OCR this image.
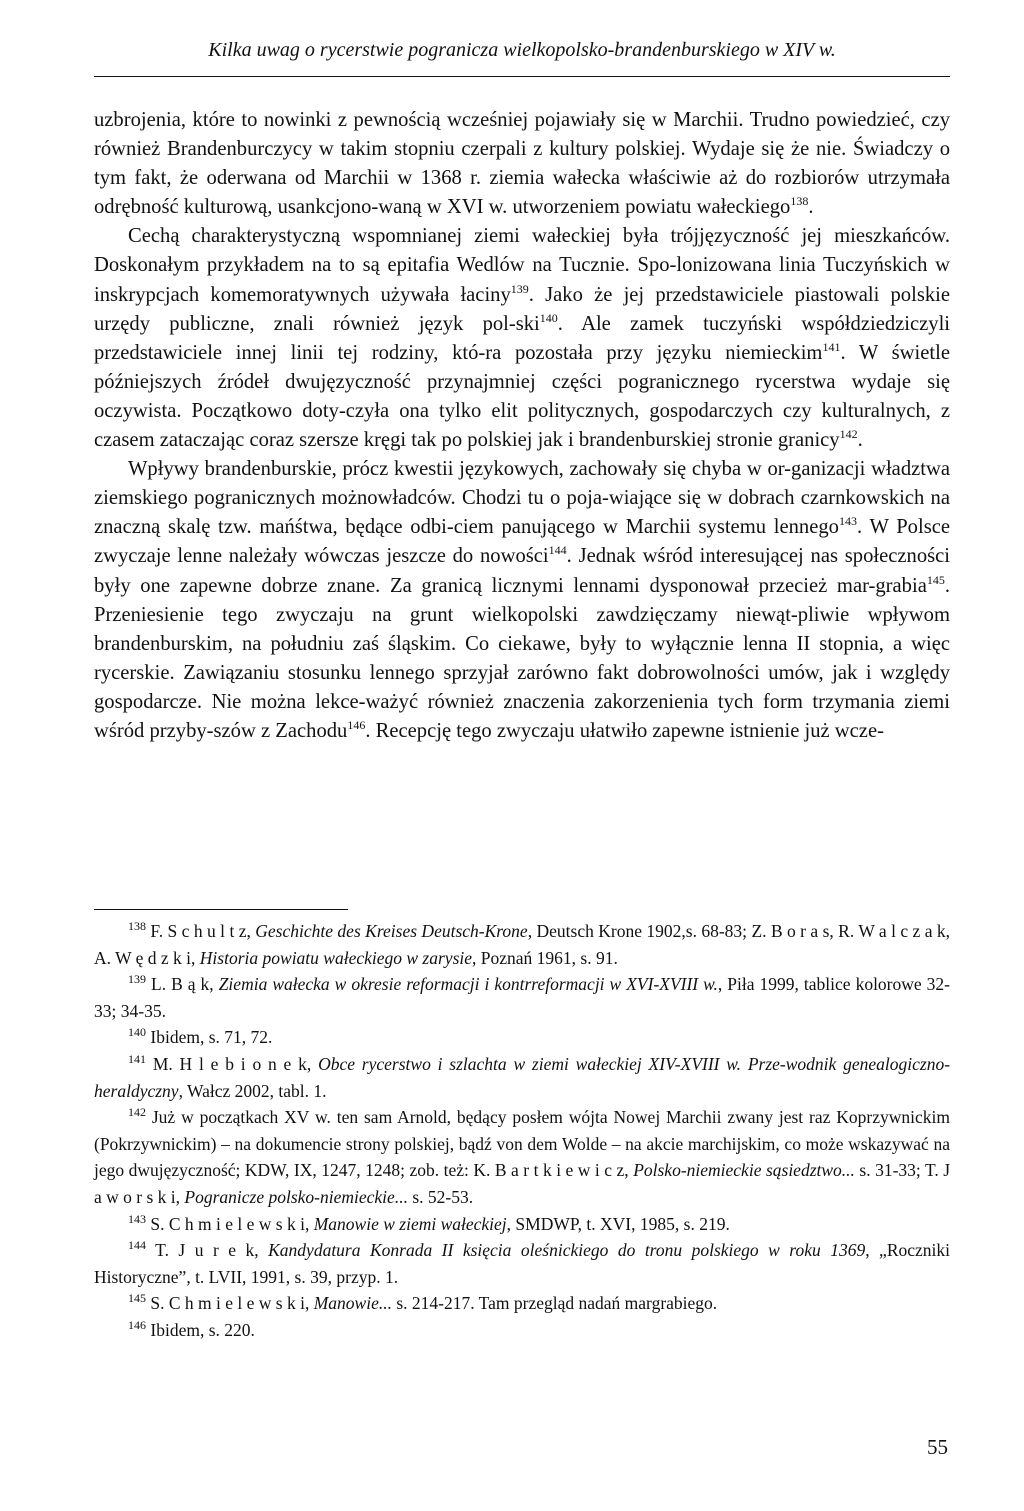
Kilka uwag o rycerstwie pogranicza wielkopolsko-brandenburskiego w XIV w.

uzbrojenia, które to nowinki z pewnością wcześniej pojawiały się w Marchii. Trudno powiedzieć, czy również Brandenburczycy w takim stopniu czerpali z kultury polskiej. Wydaje się że nie. Świadczy o tym fakt, że oderwana od Marchii w 1368 r. ziemia wałecka właściwie aż do rozbiorów utrzymała odrębność kulturową, usankcjono-waną w XVI w. utworzeniem powiatu wałeckiego$^{138}$.

Cechą charakterystyczną wspomnianej ziemi wałeckiej była trójjęzyczność jej mieszkańców. Doskonałym przykładem na to są epitafia Wedlów na Tucznie. Spo-lonizowana linia Tuczyńskich w inskrypcjach komemoratywnych używała łaciny$^{139}$. Jako że jej przedstawiciele piastowali polskie urzędy publiczne, znali również język pol-ski$^{140}$. Ale zamek tuczyński współdziedziczyli przedstawiciele innej linii tej rodziny, któ-ra pozostała przy języku niemieckim$^{141}$. W świetle późniejszych źródeł dwujęzyczność przynajmniej części pogranicznego rycerstwa wydaje się oczywista. Początkowo doty-czyła ona tylko elit politycznych, gospodarczych czy kulturalnych, z czasem zataczając coraz szersze kręgi tak po polskiej jak i brandenburskiej stronie granicy$^{142}$.

Wpływy brandenburskie, prócz kwestii językowych, zachowały się chyba w or-ganizacji władztwa ziemskiego pogranicznych możnowładców. Chodzi tu o poja-wiające się w dobrach czarnkowskich na znaczną skalę tzw. mańśtwa, będące odbi-ciem panującego w Marchii systemu lennego$^{143}$. W Polsce zwyczaje lenne należały wówczas jeszcze do nowości$^{144}$. Jednak wśród interesującej nas społeczności były one zapewne dobrze znane. Za granicą licznymi lennami dysponował przecież mar-grabia$^{145}$. Przeniesienie tego zwyczaju na grunt wielkopolski zawdzięczamy niewąt-pliwie wpływom brandenburskim, na południu zaś śląskim. Co ciekawe, były to wyłącznie lenna II stopnia, a więc rycerskie. Zawiązaniu stosunku lennego sprzyjał zarówno fakt dobrowolności umów, jak i względy gospodarcze. Nie można lekce-ważyć również znaczenia zakorzenienia tych form trzymania ziemi wśród przyby-szów z Zachodu$^{146}$. Recepcję tego zwyczaju ułatwiło zapewne istnienie już wcze-

$^{138}$ F. S c h u l t z, Geschichte des Kreises Deutsch-Krone, Deutsch Krone 1902,s. 68-83; Z. B o r a s, R. W a l c z a k, A. W ę d z k i, Historia powiatu wałeckiego w zarysie, Poznań 1961, s. 91.

$^{139}$ L. B ą k, Ziemia wałecka w okresie reformacji i kontrreformacji w XVI-XVIII w., Piła 1999, tablice kolorowe 32-33; 34-35.

$^{140}$ Ibidem, s. 71, 72.

$^{141}$ M. H l e b i o n e k, Obce rycerstwo i szlachta w ziemi wałeckiej XIV-XVIII w. Prze-wodnik genealogiczno-heraldyczny, Wałcz 2002, tabl. 1.

$^{142}$ Już w początkach XV w. ten sam Arnold, będący posłem wójta Nowej Marchii zwany jest raz Koprzywnickim (Pokrzywnickim) – na dokumencie strony polskiej, bądź von dem Wolde – na akcie marchijskim, co może wskazywać na jego dwujęzyczność; KDW, IX, 1247, 1248; zob. też: K. B a r t k i e w i c z, Polsko-niemieckie sąsiedztwo... s. 31-33; T. J a w o r s k i, Pogranicze polsko-niemieckie... s. 52-53.

$^{143}$ S. C h m i e l e w s k i, Manowie w ziemi wałeckiej, SMDWP, t. XVI, 1985, s. 219.

$^{144}$ T. J u r e k, Kandydatura Konrada II księcia oleśnickiego do tronu polskiego w roku 1369, „Roczniki Historyczne”, t. LVII, 1991, s. 39, przyp. 1.

$^{145}$ S. C h m i e l e w s k i, Manowie... s. 214-217. Tam przegląd nadań margrabiego.

$^{146}$ Ibidem, s. 220.

55
